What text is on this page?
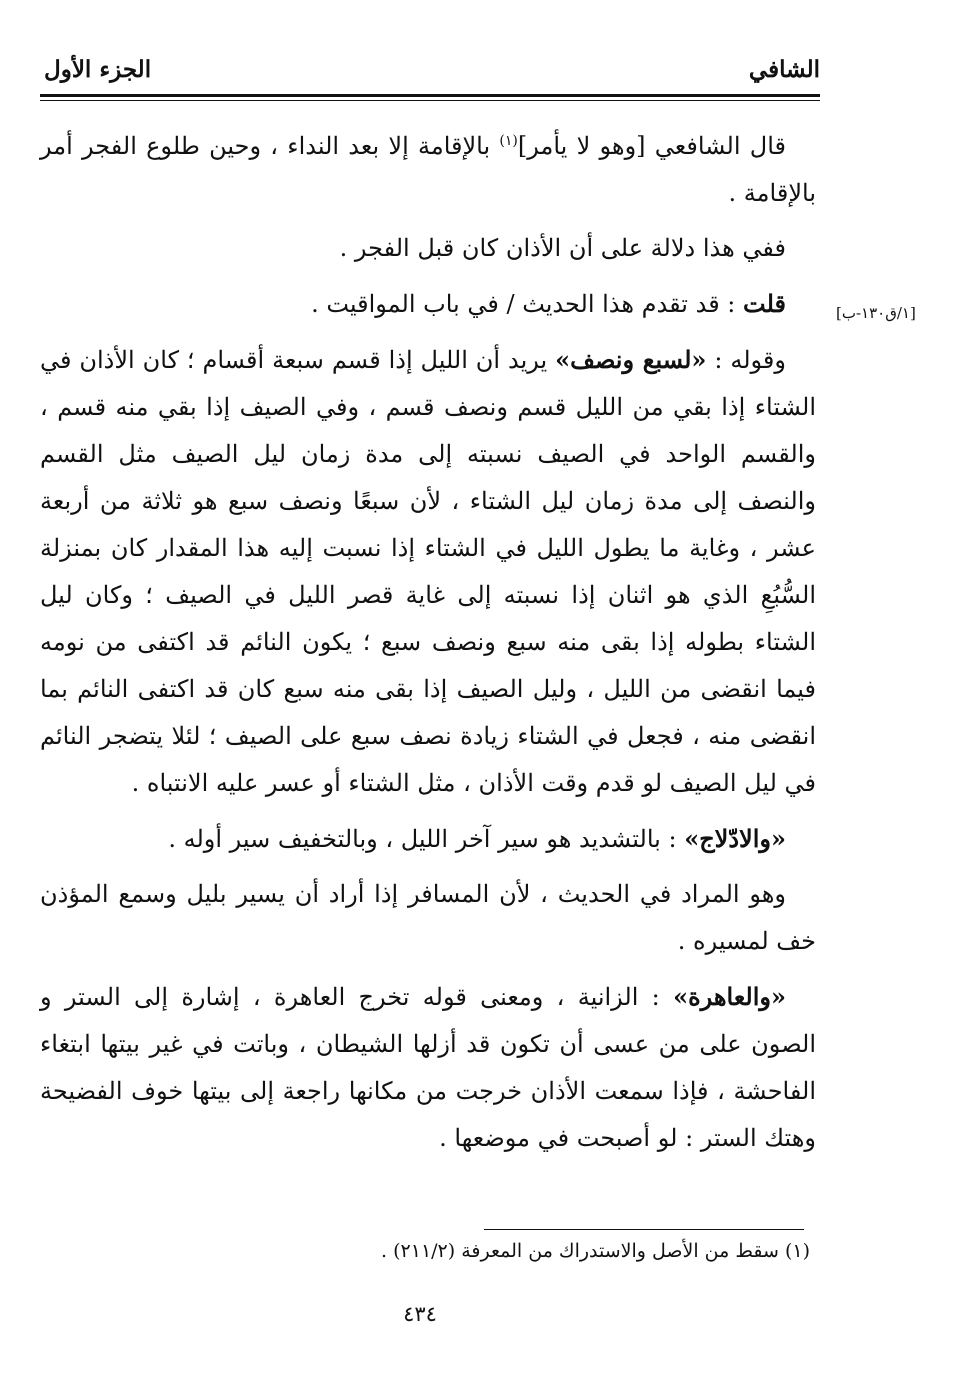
الشافي
الجزء الأول
[١/ق١٣٠-ب]

قال الشافعي [وهو لا يأمر]$^{(١)}$ بالإقامة إلا بعد النداء ، وحين طلوع الفجر أمر بالإقامة .

ففي هذا دلالة على أن الأذان كان قبل الفجر .

قلت : قد تقدم هذا الحديث / في باب المواقيت .

وقوله : «لسبع ونصف» يريد أن الليل إذا قسم سبعة أقسام ؛ كان الأذان في الشتاء إذا بقي من الليل قسم ونصف قسم ، وفي الصيف إذا بقي منه قسم ، والقسم الواحد في الصيف نسبته إلى مدة زمان ليل الصيف مثل القسم والنصف إلى مدة زمان ليل الشتاء ، لأن سبعًا ونصف سبع هو ثلاثة من أربعة عشر ، وغاية ما يطول الليل في الشتاء إذا نسبت إليه هذا المقدار كان بمنزلة السُّبُعِ الذي هو اثنان إذا نسبته إلى غاية قصر الليل في الصيف ؛ وكان ليل الشتاء بطوله إذا بقى منه سبع ونصف سبع ؛ يكون النائم قد اكتفى من نومه فيما انقضى من الليل ، وليل الصيف إذا بقى منه سبع كان قد اكتفى النائم بما انقضى منه ، فجعل في الشتاء زيادة نصف سبع على الصيف ؛ لئلا يتضجر النائم في ليل الصيف لو قدم وقت الأذان ، مثل الشتاء أو عسر عليه الانتباه .

«والادّلاج» : بالتشديد هو سير آخر الليل ، وبالتخفيف سير أوله .

وهو المراد في الحديث ، لأن المسافر إذا أراد أن يسير بليل وسمع المؤذن خف لمسيره .

«والعاهرة» : الزانية ، ومعنى قوله تخرج العاهرة ، إشارة إلى الستر و الصون على من عسى أن تكون قد أزلها الشيطان ، وباتت في غير بيتها ابتغاء الفاحشة ، فإذا سمعت الأذان خرجت من مكانها راجعة إلى بيتها خوف الفضيحة وهتك الستر : لو أصبحت في موضعها .

(١) سقط من الأصل والاستدراك من المعرفة (٢١١/٢) .
٤٣٤
